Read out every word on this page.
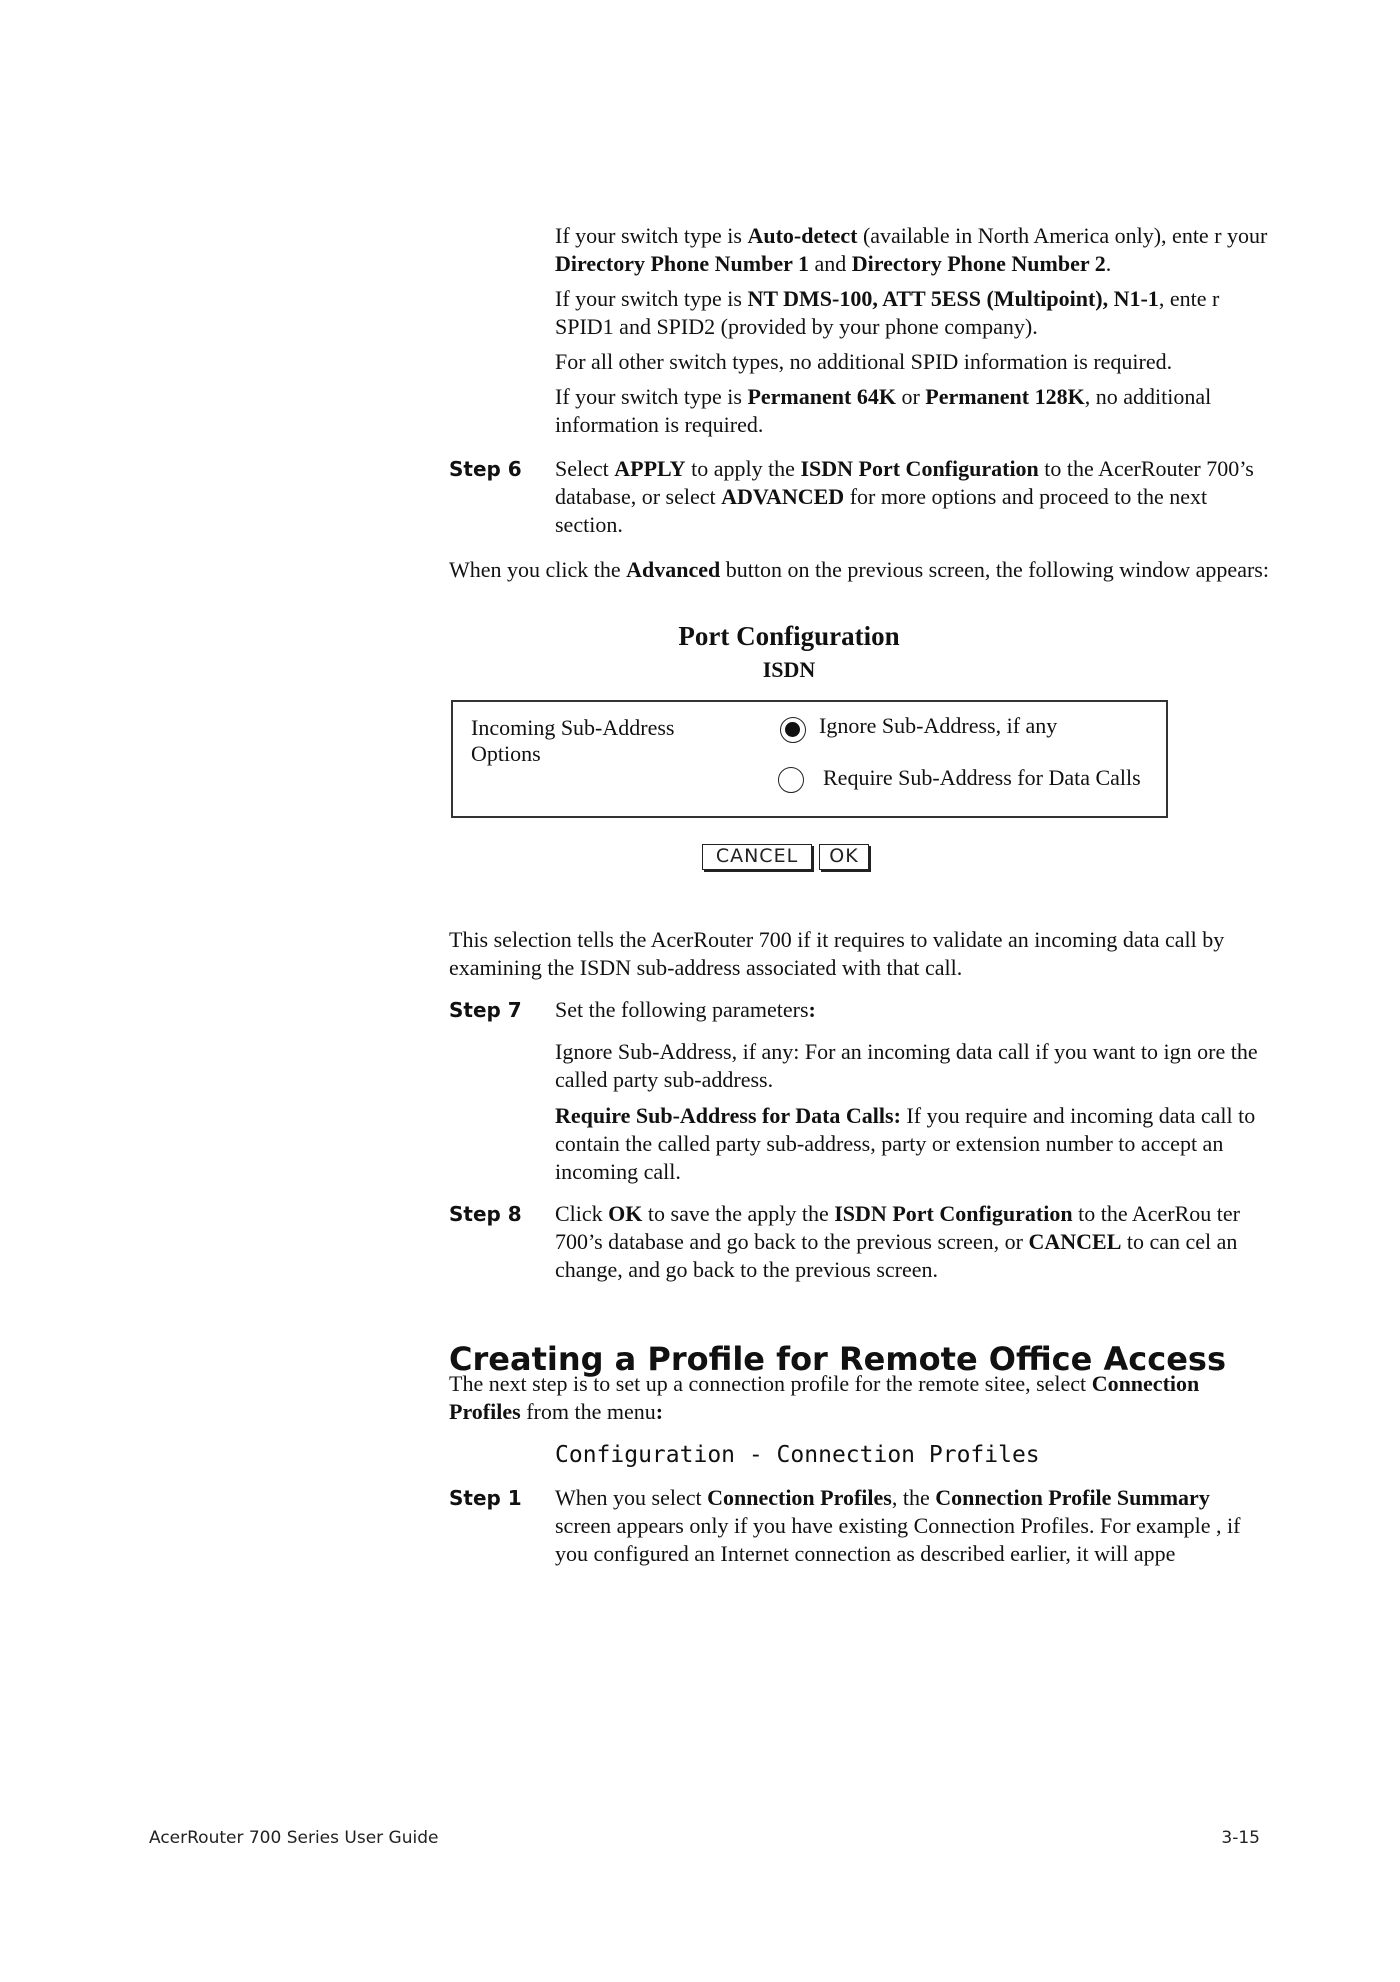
If your switch type is Auto-detect (available in North America only), ente r your Directory Phone Number 1 and Directory Phone Number 2.

If your switch type is NT DMS-100, ATT 5ESS (Multipoint), N1-1, ente r SPID1 and SPID2 (provided by your phone company).

For all other switch types, no additional SPID information is required.

If your switch type is Permanent 64K or Permanent 128K, no additional information is required.

Step 6 Select APPLY to apply the ISDN Port Configuration to the AcerRouter 700’s database, or select ADVANCED for more options and proceed to the next section.

When you click the Advanced button on the previous screen, the following window appears:

Port Configuration
ISDN
Incoming Sub-Address Options
Ignore Sub-Address, if any
Require Sub-Address for Data Calls
CANCEL	OK

This selection tells the AcerRouter 700 if it requires to validate an incoming data call by examining the ISDN sub-address associated with that call.

Step 7 Set the following parameters:

Ignore Sub-Address, if any: For an incoming data call if you want to ign ore the called party sub-address.

Require Sub-Address for Data Calls: If you require and incoming data call to contain the called party sub-address, party or extension number to accept an incoming call.

Step 8 Click OK to save the apply the ISDN Port Configuration to the AcerRou ter 700’s database and go back to the previous screen, or CANCEL to can cel an change, and go back to the previous screen.

Creating a Profile for Remote Office Access

The next step is to set up a connection profile for the remote sitee, select Connection Profiles from the menu:

Configuration - Connection Profiles
Step 1 When you select Connection Profiles, the Connection Profile Summary screen appears only if you have existing Connection Profiles. For example , if you configured an Internet connection as described earlier, it will appe

AcerRouter 700 Series User Guide	3-15
